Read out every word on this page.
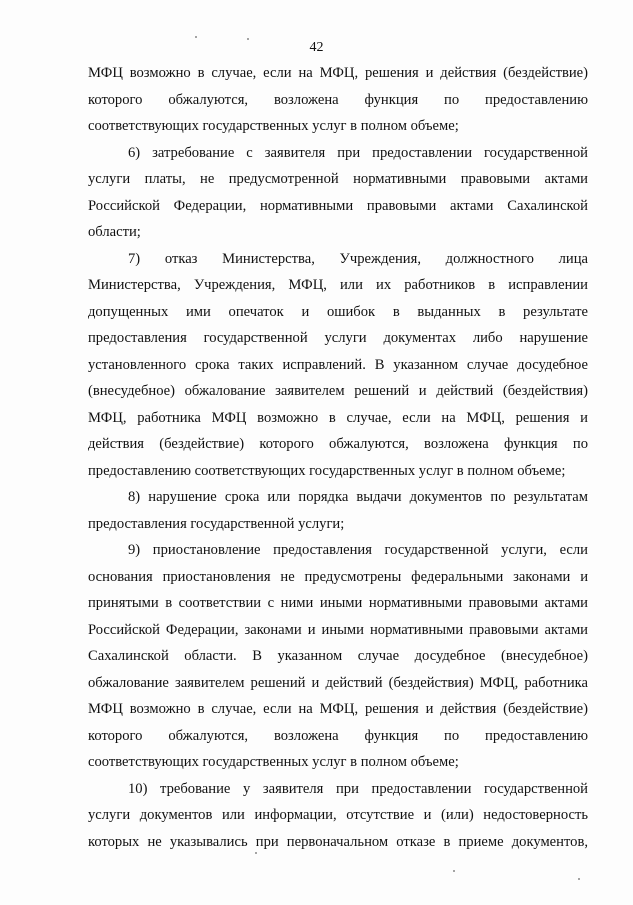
42
МФЦ возможно в случае, если на МФЦ, решения и действия (бездействие)
которого обжалуются, возложена функция по предоставлению
соответствующих государственных услуг в полном объеме;
6) затребование с заявителя при предоставлении государственной
услуги платы, не предусмотренной нормативными правовыми актами
Российской Федерации, нормативными правовыми актами Сахалинской
области;
7) отказ Министерства, Учреждения, должностного лица
Министерства, Учреждения, МФЦ, или их работников в исправлении
допущенных ими опечаток и ошибок в выданных в результате
предоставления государственной услуги документах либо нарушение
установленного срока таких исправлений. В указанном случае досудебное
(внесудебное) обжалование заявителем решений и действий (бездействия)
МФЦ, работника МФЦ возможно в случае, если на МФЦ, решения и
действия (бездействие) которого обжалуются, возложена функция по
предоставлению соответствующих государственных услуг в полном объеме;
8) нарушение срока или порядка выдачи документов по результатам
предоставления государственной услуги;
9) приостановление предоставления государственной услуги, если
основания приостановления не предусмотрены федеральными законами и
принятыми в соответствии с ними иными нормативными правовыми актами
Российской Федерации, законами и иными нормативными правовыми актами
Сахалинской области. В указанном случае досудебное (внесудебное)
обжалование заявителем решений и действий (бездействия) МФЦ, работника
МФЦ возможно в случае, если на МФЦ, решения и действия (бездействие)
которого обжалуются, возложена функция по предоставлению
соответствующих государственных услуг в полном объеме;
10) требование у заявителя при предоставлении государственной
услуги документов или информации, отсутствие и (или) недостоверность
которых не указывались при первоначальном отказе в приеме документов,
